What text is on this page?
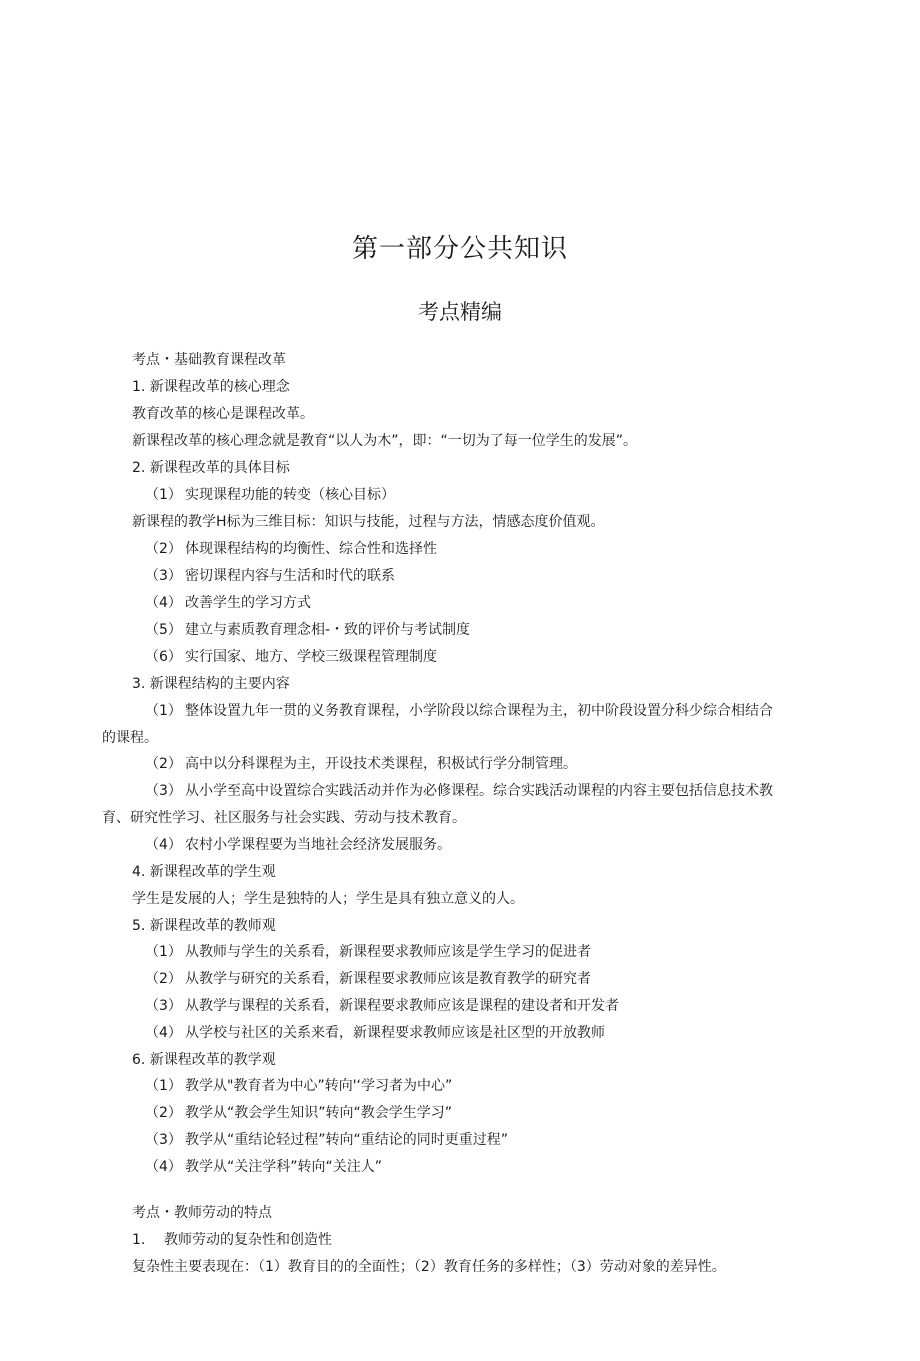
第一部分公共知识
考点精编

考点・基础教育课程改革

1. 新课程改革的核心理念

教育改革的核心是课程改革。

新课程改革的核心理念就是教育“以人为木”，即：“一切为了每一位学生的发展”。

2. 新课程改革的具体目标

（1） 实现课程功能的转变（核心目标）

新课程的教学H标为三维目标：知识与技能，过程与方法，情感态度价值观。

（2） 体现课程结构的均衡性、综合性和选择性

（3） 密切课程内容与生活和时代的联系

（4） 改善学生的学习方式

（5） 建立与素质教育理念相-・致的评价与考试制度

（6） 实行国家、地方、学校三级课程管理制度

3. 新课程结构的主要内容

（1） 整体设置九年一贯的义务教育课程，小学阶段以综合课程为主，初中阶段设置分科少综合相结合

的课程。

（2） 高中以分科课程为主，开设技术类课程，积极试行学分制管理。

（3） 从小学至高中设置综合实践活动并作为必修课程。综合实践活动课程的内容主要包括信息技术教

育、研究性学习、社区服务与社会实践、劳动与技术教育。

（4） 农村小学课程要为当地社会经济发展服务。

4. 新课程改革的学生观

学生是发展的人；学生是独特的人；学生是具有独立意义的人。

5. 新课程改革的教师观

（1） 从教师与学生的关系看，新课程要求教师应该是学生学习的促进者

（2） 从教学与研究的关系看，新课程要求教师应该是教育教学的研究者

（3） 从教学与课程的关系看，新课程要求教师应该是课程的建设者和开发者

（4） 从学校与社区的关系来看，新课程要求教师应该是社区型的开放教师

6. 新课程改革的教学观

（1） 教学从"教育者为中心”转向'‘学习者为中心”

（2） 教学从“教会学生知识”转向“教会学生学习”

（3） 教学从“重结论轻过程”转向“重结论的同时更重过程”

（4） 教学从“关注学科”转向“关注人”

考点・教师劳动的特点

1. 教师劳动的复杂性和创造性

复杂性主要表现在：（1）教育目的的全面性；（2）教育任务的多样性；（3）劳动对象的差异性。
